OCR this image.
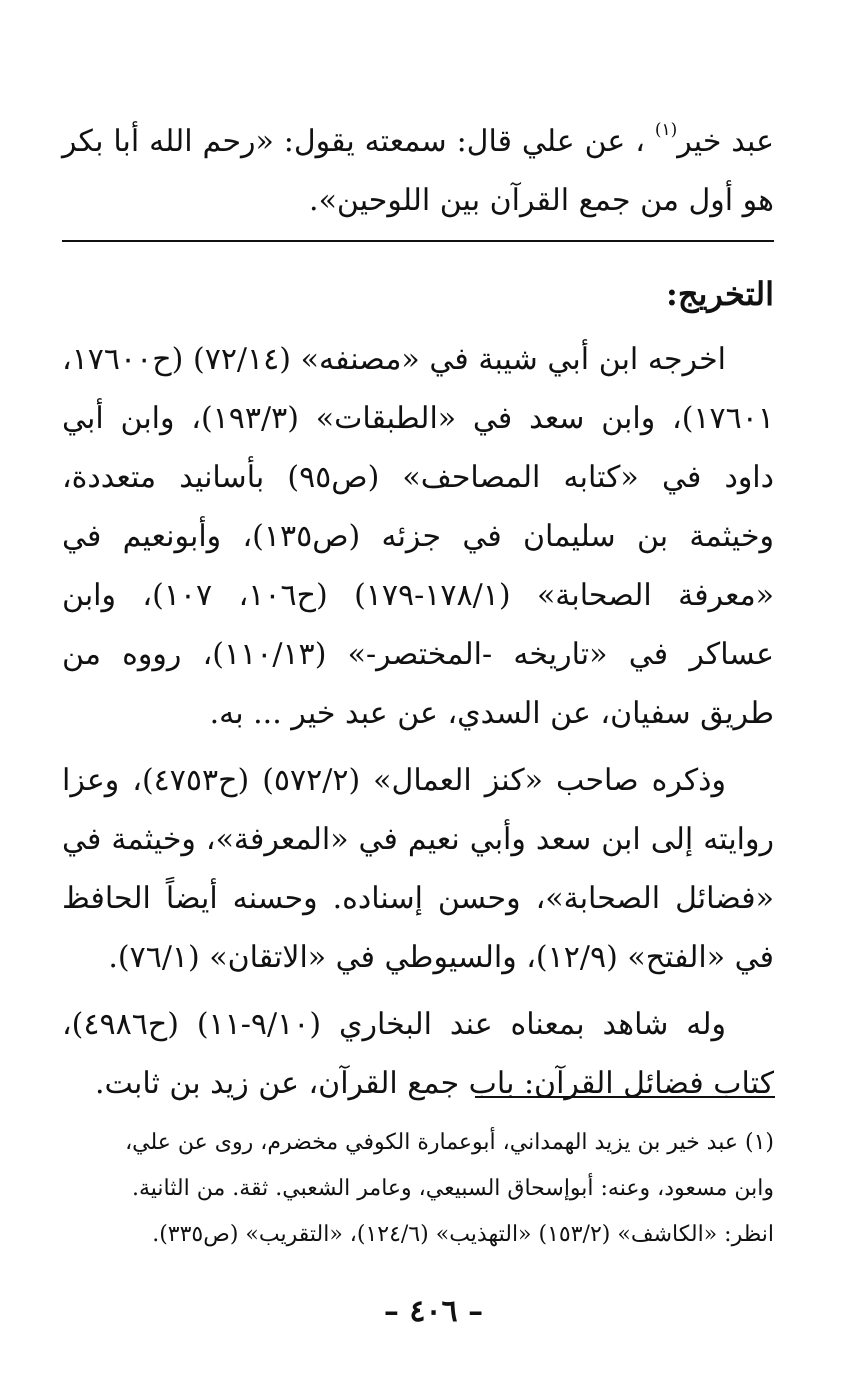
عبد خير$^{(١)}$ ، عن علي قال: سمعته يقول: «رحم الله أبا بكر هو أول من جمع القرآن بين اللوحين».

التخريج:

اخرجه ابن أبي شيبة في «مصنفه» (٧٢/١٤) (ح١٧٦٠٠، ١٧٦٠١)، وابن سعد في «الطبقات» (١٩٣/٣)، وابن أبي داود في «كتابه المصاحف» (ص٩٥) بأسانيد متعددة، وخيثمة بن سليمان في جزئه (ص١٣٥)، وأبونعيم في «معرفة الصحابة» (١٧٨/١-١٧٩) (ح١٠٦، ١٠٧)، وابن عساكر في «تاريخه -المختصر-» (١١٠/١٣)، رووه من طريق سفيان، عن السدي، عن عبد خير ... به.

وذكره صاحب «كنز العمال» (٥٧٢/٢) (ح٤٧٥٣)، وعزا روايته إلى ابن سعد وأبي نعيم في «المعرفة»، وخيثمة في «فضائل الصحابة»، وحسن إسناده. وحسنه أيضاً الحافظ في «الفتح» (١٢/٩)، والسيوطي في «الاتقان» (٧٦/١).

وله شاهد بمعناه عند البخاري (٩/١٠-١١) (ح٤٩٨٦)، كتاب فضائل القرآن: باب جمع القرآن، عن زيد بن ثابت.

(١) عبد خير بن يزيد الهمداني، أبوعمارة الكوفي مخضرم، روى عن علي،

وابن مسعود، وعنه: أبوإسحاق السبيعي، وعامر الشعبي. ثقة. من الثانية.

انظر: «الكاشف» (١٥٣/٢) «التهذيب» (١٢٤/٦)، «التقريب» (ص٣٣٥).

– ٤٠٦ –
